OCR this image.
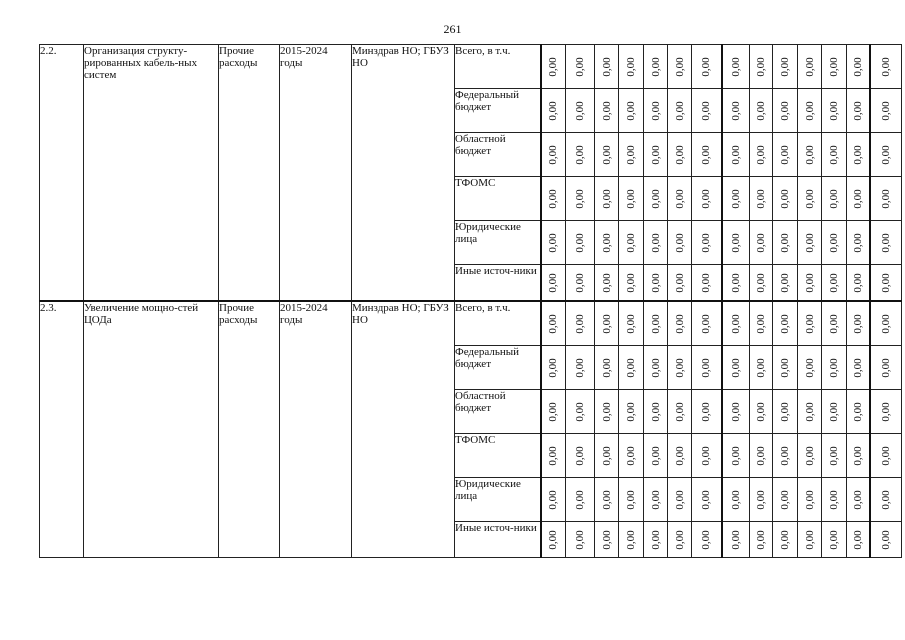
261
2.2.	Организация структу-рированных кабель-ных систем	Прочие расходы	2015-2024 годы	Минздрав НО; ГБУЗ НО	Всего, в т.ч.	0,00	0,00	0,00	0,00	0,00	0,00	0,00	0,00	0,00	0,00	0,00	0,00	0,00	0,00

					Федеральный бюджет	0,00	0,00	0,00	0,00	0,00	0,00	0,00	0,00	0,00	0,00	0,00	0,00	0,00	0,00

					Областной бюджет	0,00	0,00	0,00	0,00	0,00	0,00	0,00	0,00	0,00	0,00	0,00	0,00	0,00	0,00

					ТФОМС	0,00	0,00	0,00	0,00	0,00	0,00	0,00	0,00	0,00	0,00	0,00	0,00	0,00	0,00

					Юридические лица	0,00	0,00	0,00	0,00	0,00	0,00	0,00	0,00	0,00	0,00	0,00	0,00	0,00	0,00

					Иные источ-ники	0,00	0,00	0,00	0,00	0,00	0,00	0,00	0,00	0,00	0,00	0,00	0,00	0,00	0,00

2.3.	Увеличение мощно-стей ЦОДа	Прочие расходы	2015-2024 годы	Минздрав НО; ГБУЗ НО	Всего, в т.ч.	0,00	0,00	0,00	0,00	0,00	0,00	0,00	0,00	0,00	0,00	0,00	0,00	0,00	0,00

					Федеральный бюджет	0,00	0,00	0,00	0,00	0,00	0,00	0,00	0,00	0,00	0,00	0,00	0,00	0,00	0,00

					Областной бюджет	0,00	0,00	0,00	0,00	0,00	0,00	0,00	0,00	0,00	0,00	0,00	0,00	0,00	0,00

					ТФОМС	0,00	0,00	0,00	0,00	0,00	0,00	0,00	0,00	0,00	0,00	0,00	0,00	0,00	0,00

					Юридические лица	0,00	0,00	0,00	0,00	0,00	0,00	0,00	0,00	0,00	0,00	0,00	0,00	0,00	0,00

					Иные источ-ники	0,00	0,00	0,00	0,00	0,00	0,00	0,00	0,00	0,00	0,00	0,00	0,00	0,00	0,00
